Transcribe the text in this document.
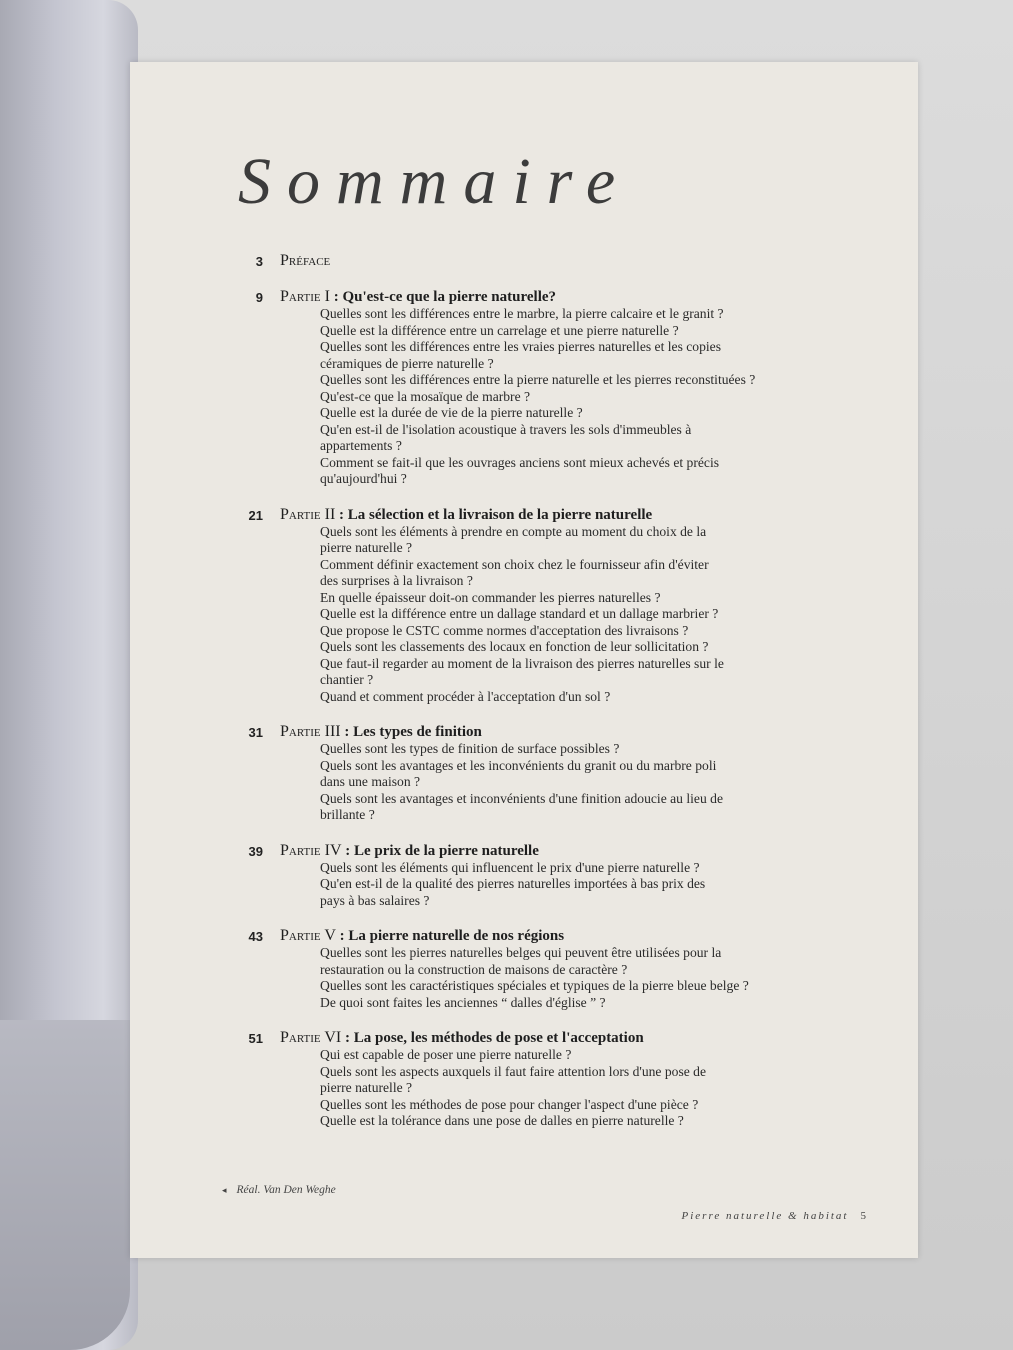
Sommaire
3 Préface
9 Partie I : Qu'est-ce que la pierre naturelle?
Quelles sont les différences entre le marbre, la pierre calcaire et le granit ?
Quelle est la différence entre un carrelage et une pierre naturelle ?
Quelles sont les différences entre les vraies pierres naturelles et les copies
céramiques de pierre naturelle ?
Quelles sont les différences entre la pierre naturelle et les pierres reconstituées ?
Qu'est-ce que la mosaïque de marbre ?
Quelle est la durée de vie de la pierre naturelle ?
Qu'en est-il de l'isolation acoustique à travers les sols d'immeubles à
appartements ?
Comment se fait-il que les ouvrages anciens sont mieux achevés et précis
qu'aujourd'hui ?
21 Partie II : La sélection et la livraison de la pierre naturelle
Quels sont les éléments à prendre en compte au moment du choix de la
pierre naturelle ?
Comment définir exactement son choix chez le fournisseur afin d'éviter
des surprises à la livraison ?
En quelle épaisseur doit-on commander les pierres naturelles ?
Quelle est la différence entre un dallage standard et un dallage marbrier ?
Que propose le CSTC comme normes d'acceptation des livraisons ?
Quels sont les classements des locaux en fonction de leur sollicitation ?
Que faut-il regarder au moment de la livraison des pierres naturelles sur le
chantier ?
Quand et comment procéder à l'acceptation d'un sol ?
31 Partie III : Les types de finition
Quelles sont les types de finition de surface possibles ?
Quels sont les avantages et les inconvénients du granit ou du marbre poli
dans une maison ?
Quels sont les avantages et inconvénients d'une finition adoucie au lieu de
brillante ?
39 Partie IV : Le prix de la pierre naturelle
Quels sont les éléments qui influencent le prix d'une pierre naturelle ?
Qu'en est-il de la qualité des pierres naturelles importées à bas prix des
pays à bas salaires ?
43 Partie V : La pierre naturelle de nos régions
Quelles sont les pierres naturelles belges qui peuvent être utilisées pour la
restauration ou la construction de maisons de caractère ?
Quelles sont les caractéristiques spéciales et typiques de la pierre bleue belge ?
De quoi sont faites les anciennes “ dalles d'église ” ?
51 Partie VI : La pose, les méthodes de pose et l'acceptation
Qui est capable de poser une pierre naturelle ?
Quels sont les aspects auxquels il faut faire attention lors d'une pose de
pierre naturelle ?
Quelles sont les méthodes de pose pour changer l'aspect d'une pièce ?
Quelle est la tolérance dans une pose de dalles en pierre naturelle ?
◂ Réal. Van Den Weghe
Pierre naturelle & habitat 5
